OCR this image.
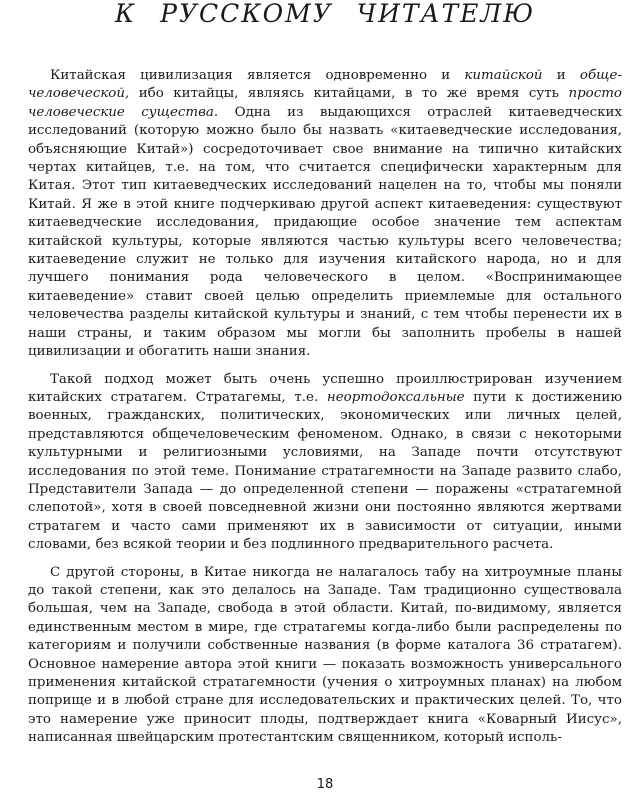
К РУССКОМУ ЧИТАТЕЛЮ

Китайская цивилизация является одновременно и китайской и обще-человеческой, ибо китайцы, являясь китайцами, в то же время суть просто человеческие существа. Одна из выдающихся отраслей китаеведческих исследований (которую можно было бы назвать «китаеведческие исследования, объясняющие Китай») сосредоточивает свое внимание на типично китайских чертах китайцев, т.е. на том, что считается специфически характерным для Китая. Этот тип китаеведческих исследований нацелен на то, чтобы мы поняли Китай. Я же в этой книге подчеркиваю другой аспект китаеведения: существуют китаеведческие исследования, придающие особое значение тем аспектам китайской культуры, которые являются частью культуры всего человечества; китаеведение служит не только для изучения китайского народа, но и для лучшего понимания рода человеческого в целом. «Воспринимающее китаеведение» ставит своей целью определить приемлемые для остального человечества разделы китайской культуры и знаний, с тем чтобы перенести их в наши страны, и таким образом мы могли бы заполнить пробелы в нашей цивилизации и обогатить наши знания.

Такой подход может быть очень успешно проиллюстрирован изучением китайских стратагем. Стратагемы, т.е. неортодоксальные пути к достижению военных, гражданских, политических, экономических или личных целей, представляются общечеловеческим феноменом. Однако, в связи с некоторыми культурными и религиозными условиями, на Западе почти отсутствуют исследования по этой теме. Понимание стратагемности на Западе развито слабо, Представители Запада — до определенной степени — поражены «стратагемной слепотой», хотя в своей повседневной жизни они постоянно являются жертвами стратагем и часто сами применяют их в зависимости от ситуации, иными словами, без всякой теории и без подлинного предварительного расчета.

С другой стороны, в Китае никогда не налагалось табу на хитроумные планы до такой степени, как это делалось на Западе. Там традиционно существовала большая, чем на Западе, свобода в этой области. Китай, по-видимому, является единственным местом в мире, где стратагемы когда-либо были распределены по категориям и получили собственные названия (в форме каталога 36 стратагем). Основное намерение автора этой книги — показать возможность универсального применения китайской стратагемности (учения о хитроумных планах) на любом поприще и в любой стране для исследовательских и практических целей. То, что это намерение уже приносит плоды, подтверждает книга «Коварный Иисус», написанная швейцарским протестантским священником, который исполь-

18
